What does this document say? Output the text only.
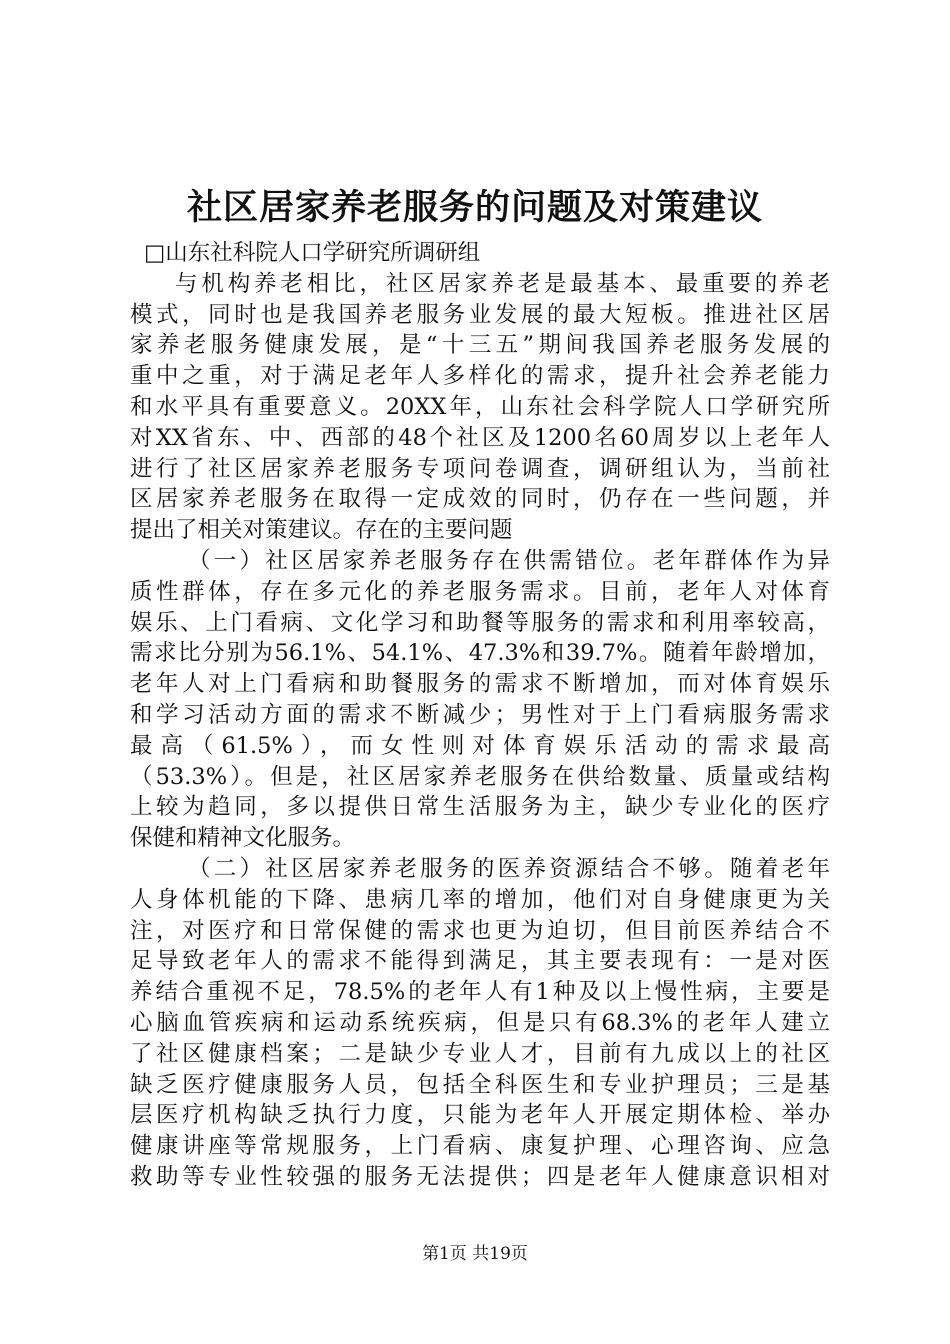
社区居家养老服务的问题及对策建议
□山东社科院人口学研究所调研组
与机构养老相比，社区居家养老是最基本、最重要的养老
模式，同时也是我国养老服务业发展的最大短板。推进社区居
家养老服务健康发展，是“十三五”期间我国养老服务发展的
重中之重，对于满足老年人多样化的需求，提升社会养老能力
和水平具有重要意义。20XX年，山东社会科学院人口学研究所
对XX省东、中、西部的48个社区及1200名60周岁以上老年人
进行了社区居家养老服务专项问卷调查，调研组认为，当前社
区居家养老服务在取得一定成效的同时，仍存在一些问题，并
提出了相关对策建议。存在的主要问题
（一）社区居家养老服务存在供需错位。老年群体作为异
质性群体，存在多元化的养老服务需求。目前，老年人对体育
娱乐、上门看病、文化学习和助餐等服务的需求和利用率较高，
需求比分别为56.1%、54.1%、47.3%和39.7%。随着年龄增加，
老年人对上门看病和助餐服务的需求不断增加，而对体育娱乐
和学习活动方面的需求不断减少；男性对于上门看病服务需求
最高（61.5%），而女性则对体育娱乐活动的需求最高
（53.3%）。但是，社区居家养老服务在供给数量、质量或结构
上较为趋同，多以提供日常生活服务为主，缺少专业化的医疗
保健和精神文化服务。
（二）社区居家养老服务的医养资源结合不够。随着老年
人身体机能的下降、患病几率的增加，他们对自身健康更为关
注，对医疗和日常保健的需求也更为迫切，但目前医养结合不
足导致老年人的需求不能得到满足，其主要表现有：一是对医
养结合重视不足，78.5%的老年人有1种及以上慢性病，主要是
心脑血管疾病和运动系统疾病，但是只有68.3%的老年人建立
了社区健康档案；二是缺少专业人才，目前有九成以上的社区
缺乏医疗健康服务人员，包括全科医生和专业护理员；三是基
层医疗机构缺乏执行力度，只能为老年人开展定期体检、举办
健康讲座等常规服务，上门看病、康复护理、心理咨询、应急
救助等专业性较强的服务无法提供；四是老年人健康意识相对
第1页 共19页
